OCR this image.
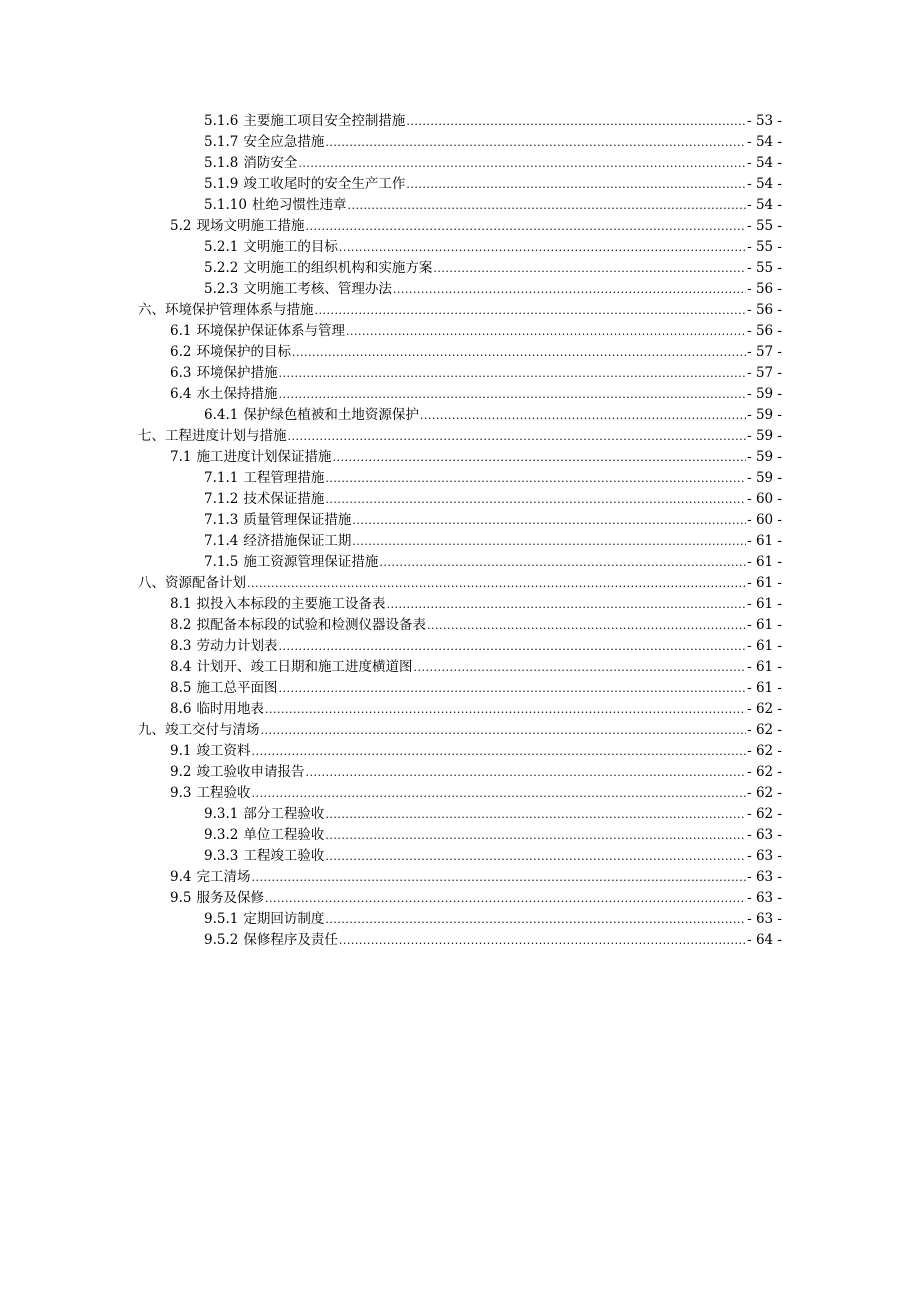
5.1.6 主要施工项目安全控制措施 .....	- 53 -
5.1.7 安全应急措施 .....	- 54 -
5.1.8 消防安全 .....	- 54 -
5.1.9 竣工收尾时的安全生产工作 .....	- 54 -
5.1.10 杜绝习惯性违章 .....	- 54 -
5.2 现场文明施工措施 .....	- 55 -
5.2.1 文明施工的目标 .....	- 55 -
5.2.2 文明施工的组织机构和实施方案 .....	- 55 -
5.2.3 文明施工考核、管理办法 .....	- 56 -
六、 环境保护管理体系与措施 .....	- 56 -
6.1 环境保护保证体系与管理 .....	- 56 -
6.2 环境保护的目标 .....	- 57 -
6.3 环境保护措施 .....	- 57 -
6.4 水土保持措施 .....	- 59 -
6.4.1 保护绿色植被和土地资源保护 .....	- 59 -
七、 工程进度计划与措施 .....	- 59 -
7.1 施工进度计划保证措施 .....	- 59 -
7.1.1 工程管理措施 .....	- 59 -
7.1.2 技术保证措施 .....	- 60 -
7.1.3 质量管理保证措施 .....	- 60 -
7.1.4 经济措施保证工期 .....	- 61 -
7.1.5 施工资源管理保证措施 .....	- 61 -
八、 资源配备计划 .....	- 61 -
8.1 拟投入本标段的主要施工设备表 .....	- 61 -
8.2 拟配备本标段的试验和检测仪器设备表 .....	- 61 -
8.3 劳动力计划表 .....	- 61 -
8.4 计划开、竣工日期和施工进度横道图 .....	- 61 -
8.5 施工总平面图 .....	- 61 -
8.6 临时用地表 .....	- 62 -
九、 竣工交付与清场 .....	- 62 -
9.1 竣工资料 .....	- 62 -
9.2 竣工验收申请报告 .....	- 62 -
9.3 工程验收 .....	- 62 -
9.3.1 部分工程验收 .....	- 62 -
9.3.2 单位工程验收 .....	- 63 -
9.3.3 工程竣工验收 .....	- 63 -
9.4 完工清场 .....	- 63 -
9.5 服务及保修 .....	- 63 -
9.5.1 定期回访制度 .....	- 63 -
9.5.2 保修程序及责任 .....	- 64 -
